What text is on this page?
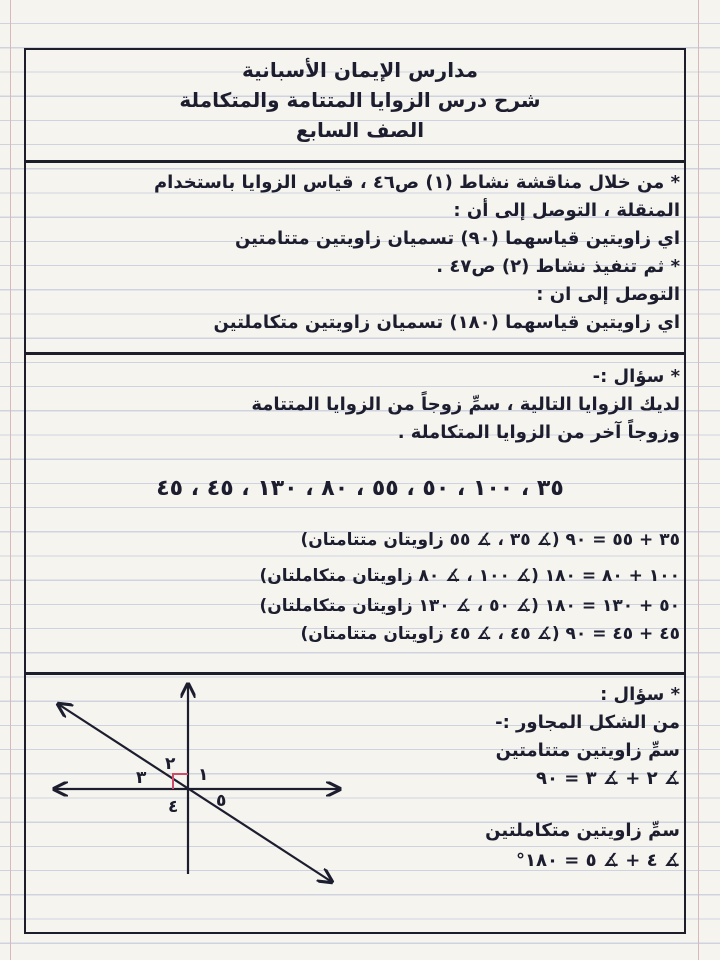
مدارس الإيمان الأسبانية
شرح درس الزوايا المتتامة والمتكاملة
الصف السابع
* من خلال مناقشة نشاط (١) ص٤٦ ، قياس الزوايا باستخدام
المنقلة ، التوصل إلى أن :
اي زاويتين قياسهما (٩٠) تسميان زاويتين متتامتين
* ثم تنفيذ نشاط (٢) ص٤٧ .
التوصل إلى ان :
اي زاويتين قياسهما (١٨٠) تسميان زاويتين متكاملتين
* سؤال :-
لديك الزوايا التالية ، سمِّ زوجاً من الزوايا المتتامة
وزوجاً آخر من الزوايا المتكاملة .
٣٥ ، ١٠٠ ، ٥٠ ، ٥٥ ، ٨٠ ، ١٣٠ ، ٤٥ ، ٤٥
٣٥ + ٥٥ = ٩٠ (∡ ٣٥ ، ∡ ٥٥ زاويتان متتامتان)
١٠٠ + ٨٠ = ١٨٠ (∡ ١٠٠ ، ∡ ٨٠ زاويتان متكاملتان)
٥٠ + ١٣٠ = ١٨٠ (∡ ٥٠ ، ∡ ١٣٠ زاويتان متكاملتان)
٤٥ + ٤٥ = ٩٠ (∡ ٤٥ ، ∡ ٤٥ زاويتان متتامتان)
* سؤال :
من الشكل المجاور :-
سمِّ زاويتين متتامتين
∡ ٢ + ∡ ٣ = ٩٠
سمِّ زاويتين متكاملتين
∡ ٤ + ∡ ٥ = ١٨٠°
١
٢
٣
٤ ٥
